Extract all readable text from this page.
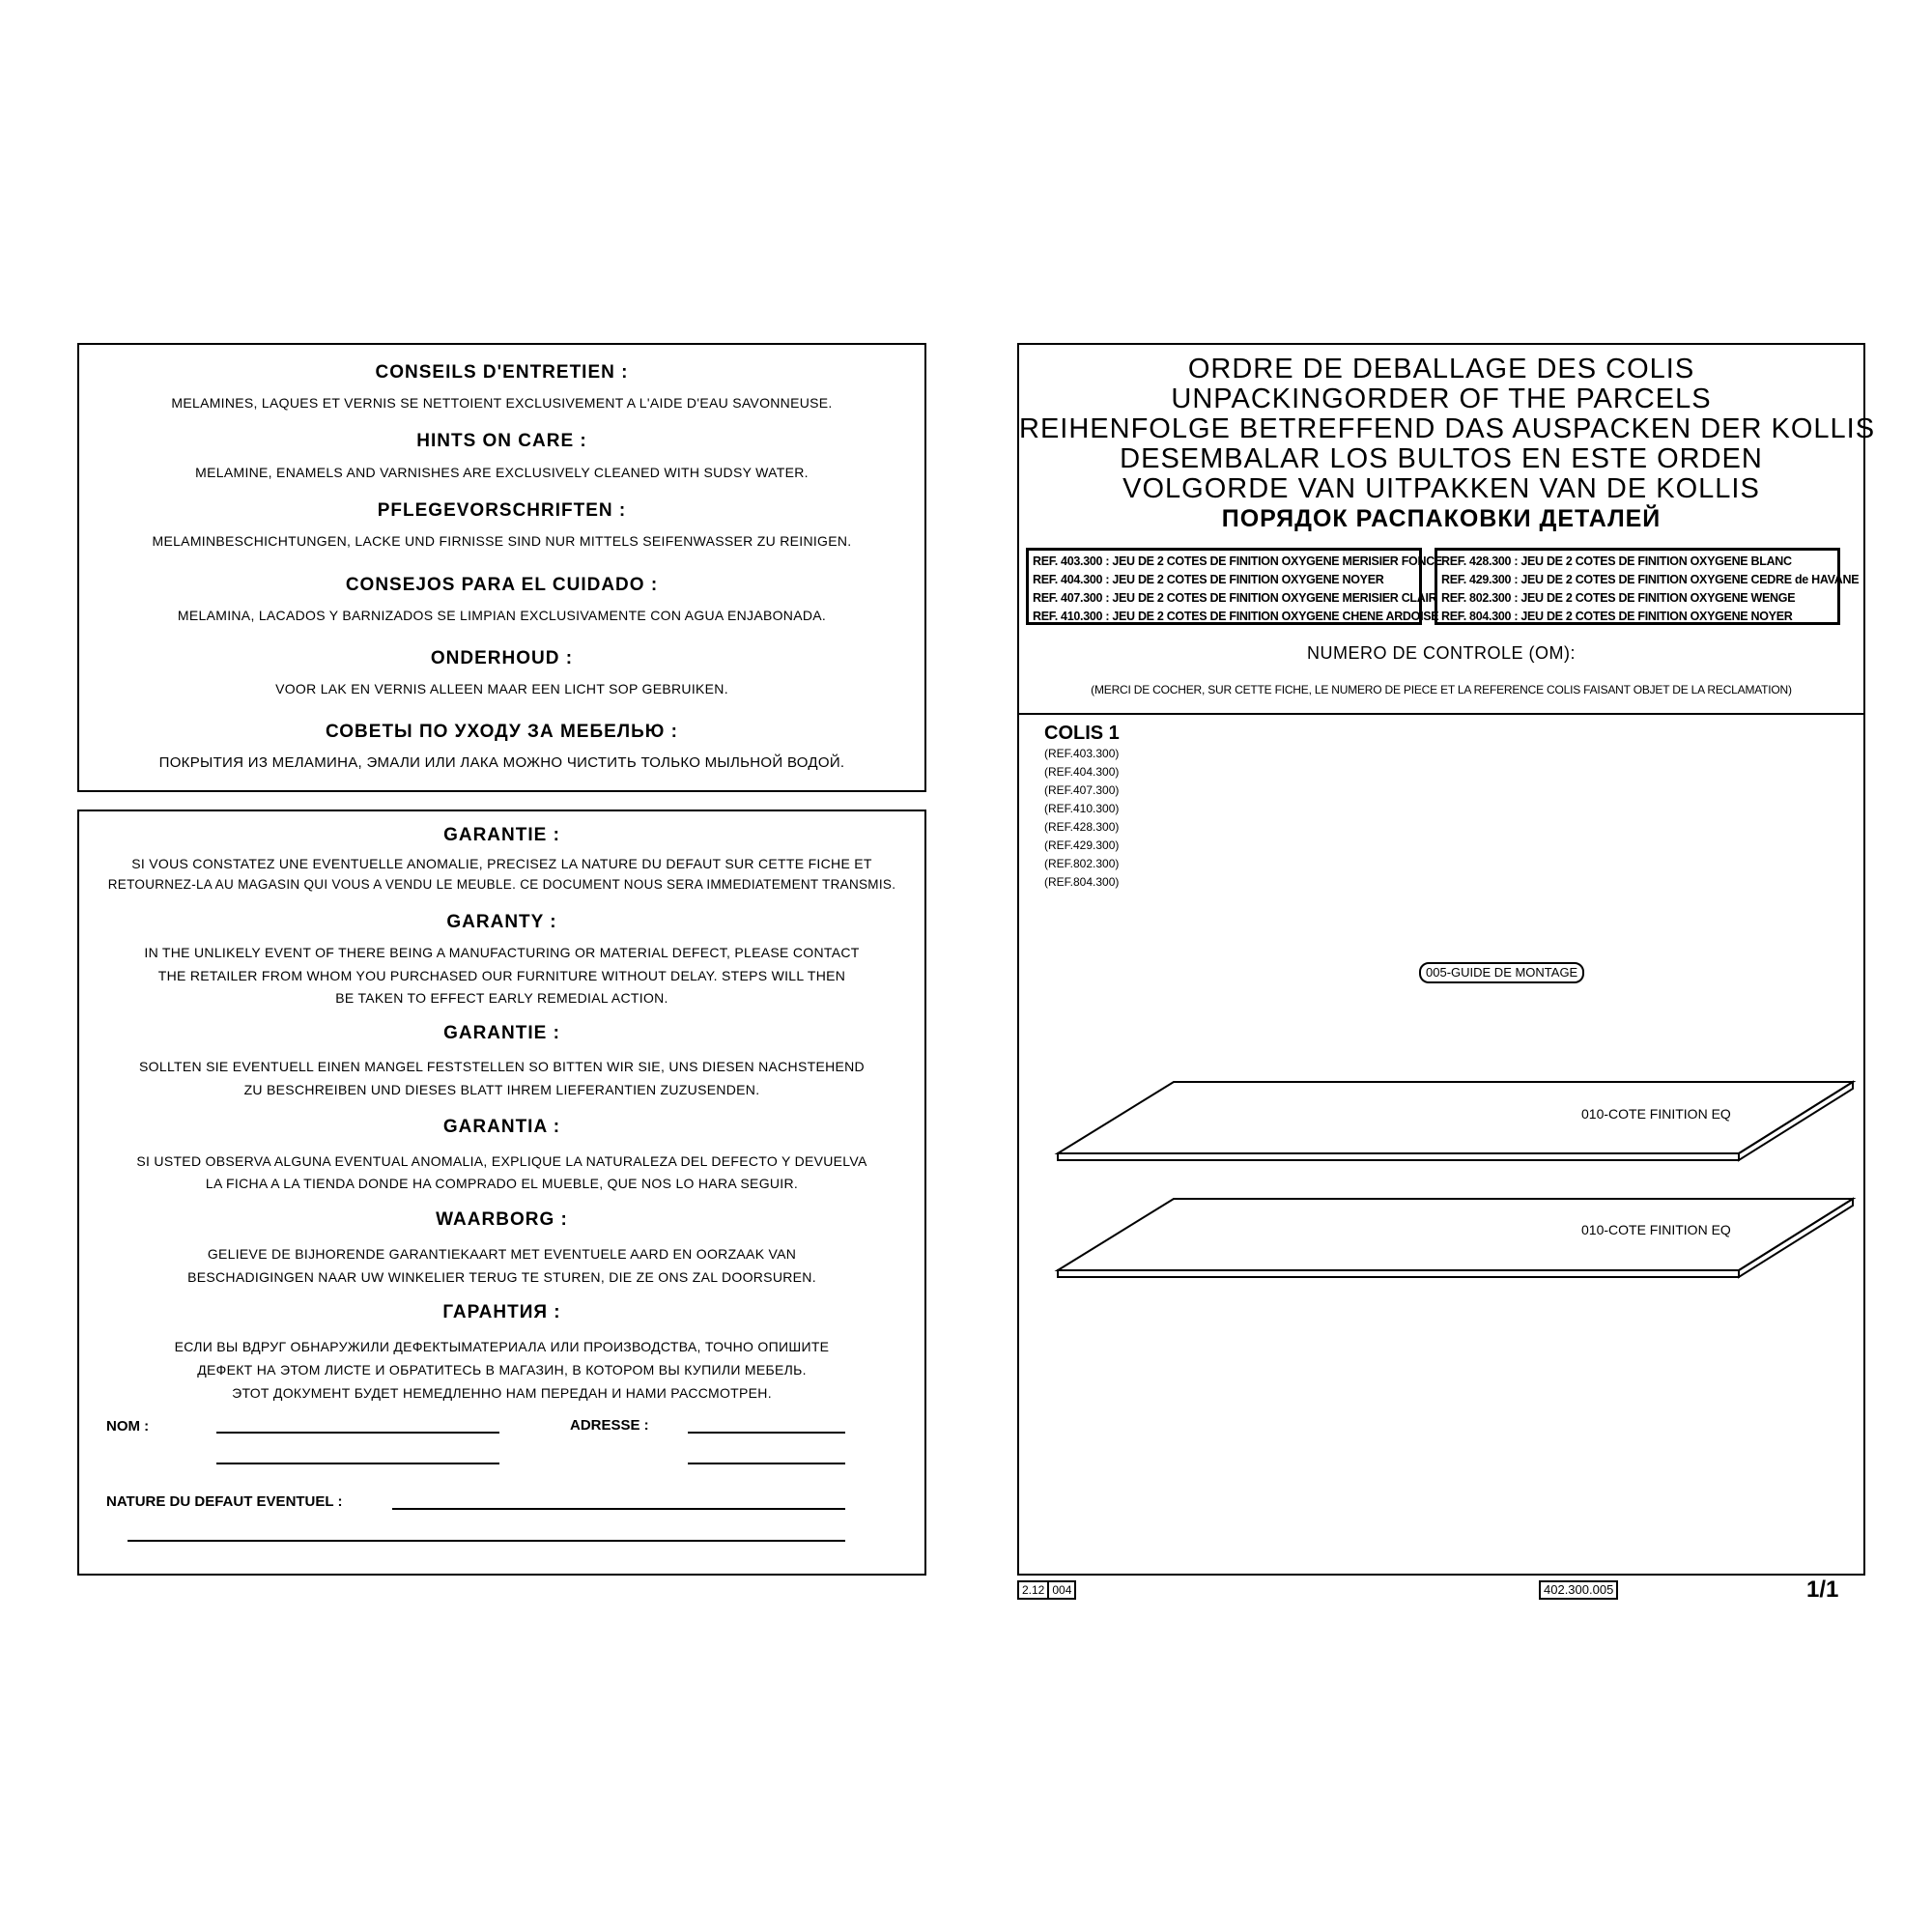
CONSEILS D'ENTRETIEN :
MELAMINES, LAQUES ET VERNIS SE NETTOIENT EXCLUSIVEMENT A L'AIDE D'EAU SAVONNEUSE.
HINTS ON CARE :
MELAMINE, ENAMELS AND VARNISHES ARE EXCLUSIVELY CLEANED WITH SUDSY WATER.
PFLEGEVORSCHRIFTEN :
MELAMINBESCHICHTUNGEN, LACKE UND FIRNISSE SIND NUR MITTELS SEIFENWASSER ZU REINIGEN.
CONSEJOS PARA EL CUIDADO :
MELAMINA, LACADOS Y BARNIZADOS SE LIMPIAN EXCLUSIVAMENTE CON AGUA ENJABONADA.
ONDERHOUD :
VOOR LAK EN VERNIS ALLEEN MAAR EEN LICHT SOP GEBRUIKEN.
СОВЕТЫ ПО УХОДУ ЗА МЕБЕЛЬЮ :
ПОКРЫТИЯ ИЗ МЕЛАМИНА, ЭМАЛИ ИЛИ ЛАКА МОЖНО ЧИСТИТЬ ТОЛЬКО МЫЛЬНОЙ ВОДОЙ.
GARANTIE :
SI VOUS CONSTATEZ UNE EVENTUELLE ANOMALIE, PRECISEZ LA NATURE DU DEFAUT SUR CETTE FICHE ET
RETOURNEZ-LA AU MAGASIN QUI VOUS A VENDU LE MEUBLE. CE DOCUMENT NOUS SERA IMMEDIATEMENT TRANSMIS.
GARANTY :
IN THE UNLIKELY EVENT OF THERE BEING A MANUFACTURING OR MATERIAL DEFECT, PLEASE CONTACT
THE RETAILER FROM WHOM YOU PURCHASED OUR FURNITURE WITHOUT DELAY. STEPS WILL THEN
BE TAKEN TO EFFECT EARLY REMEDIAL ACTION.
GARANTIE :
SOLLTEN SIE EVENTUELL EINEN MANGEL FESTSTELLEN SO BITTEN WIR SIE, UNS DIESEN NACHSTEHEND
ZU BESCHREIBEN UND DIESES BLATT IHREM LIEFERANTIEN ZUZUSENDEN.
GARANTIA :
SI USTED OBSERVA ALGUNA EVENTUAL ANOMALIA, EXPLIQUE LA NATURALEZA DEL DEFECTO Y DEVUELVA
LA FICHA A LA TIENDA DONDE HA COMPRADO EL MUEBLE, QUE NOS LO HARA SEGUIR.
WAARBORG :
GELIEVE DE BIJHORENDE GARANTIEKAART MET EVENTUELE AARD EN OORZAAK VAN
BESCHADIGINGEN NAAR UW WINKELIER TERUG TE STUREN, DIE ZE ONS ZAL DOORSUREN.
ГАРАНТИЯ :
ЕСЛИ ВЫ ВДРУГ ОБНАРУЖИЛИ ДЕФЕКТЫМАТЕРИАЛА ИЛИ ПРОИЗВОДСТВА, ТОЧНО ОПИШИТЕ
ДЕФЕКТ НА ЭТОМ ЛИСТЕ И ОБРАТИТЕСЬ В МАГАЗИН, В КОТОРОМ ВЫ КУПИЛИ МЕБЕЛЬ.
ЭТОТ ДОКУМЕНТ БУДЕТ НЕМЕДЛЕННО НАМ ПЕРЕДАН И НАМИ РАССМОТРЕН.
NOM :	ADRESSE :
NATURE DU DEFAUT EVENTUEL :
ORDRE DE DEBALLAGE DES COLIS
UNPACKINGORDER OF THE PARCELS
REIHENFOLGE BETREFFEND DAS AUSPACKEN DER KOLLIS
DESEMBALAR LOS BULTOS EN ESTE ORDEN
VOLGORDE VAN UITPAKKEN VAN DE KOLLIS
ПОРЯДОК РАСПАКОВКИ ДЕТАЛЕЙ
REF. 403.300 : JEU DE 2 COTES DE FINITION OXYGENE MERISIER FONCE
REF. 404.300 : JEU DE 2 COTES DE FINITION OXYGENE NOYER
REF. 407.300 : JEU DE 2 COTES DE FINITION OXYGENE MERISIER CLAIR
REF. 410.300 : JEU DE 2 COTES DE FINITION OXYGENE CHENE ARDOISE
REF. 428.300 : JEU DE 2 COTES DE FINITION OXYGENE BLANC
REF. 429.300 : JEU DE 2 COTES DE FINITION OXYGENE CEDRE de HAVANE
REF. 802.300 : JEU DE 2 COTES DE FINITION OXYGENE WENGE
REF. 804.300 : JEU DE 2 COTES DE FINITION OXYGENE NOYER
NUMERO DE CONTROLE (OM):
(MERCI DE COCHER, SUR CETTE FICHE, LE NUMERO DE PIECE ET LA REFERENCE COLIS FAISANT OBJET DE LA RECLAMATION)
COLIS 1
(REF.403.300)
(REF.404.300)
(REF.407.300)
(REF.410.300)
(REF.428.300)
(REF.429.300)
(REF.802.300)
(REF.804.300)
005-GUIDE DE MONTAGE
010-COTE FINITION EQ
010-COTE FINITION EQ
2.12 004	402.300.005	1/1
